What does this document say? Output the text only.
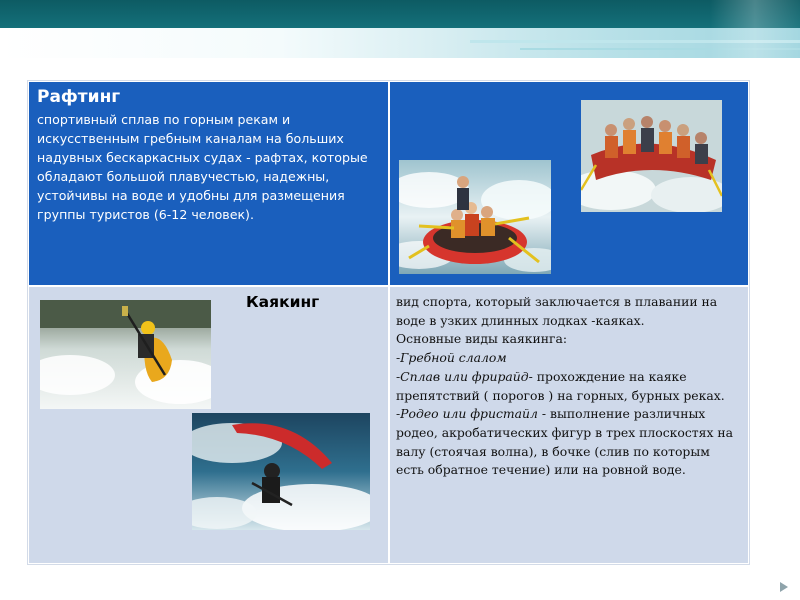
Рафтинг
спортивный сплав по горным рекам и искусственным гребным каналам на больших надувных бескаркасных судах - рафтах, которые обладают большой плавучестью, надежны, устойчивы на воде и удобны для размещения группы туристов (6-12 человек).
Каякинг	вид спорта, который заключается в плавании на воде в узких длинных лодках -каяках.

Основные виды каякинга:

-Гребной слалом

-Сплав или фрирайд- прохождение на каяке препятствий ( порогов ) на горных, бурных реках.

-Родео или фристайл - выполнение различных родео, акробатических фигур в трех плоскостях на валу (стоячая волна), в бочке (слив по которым есть обратное течение) или на ровной воде.
